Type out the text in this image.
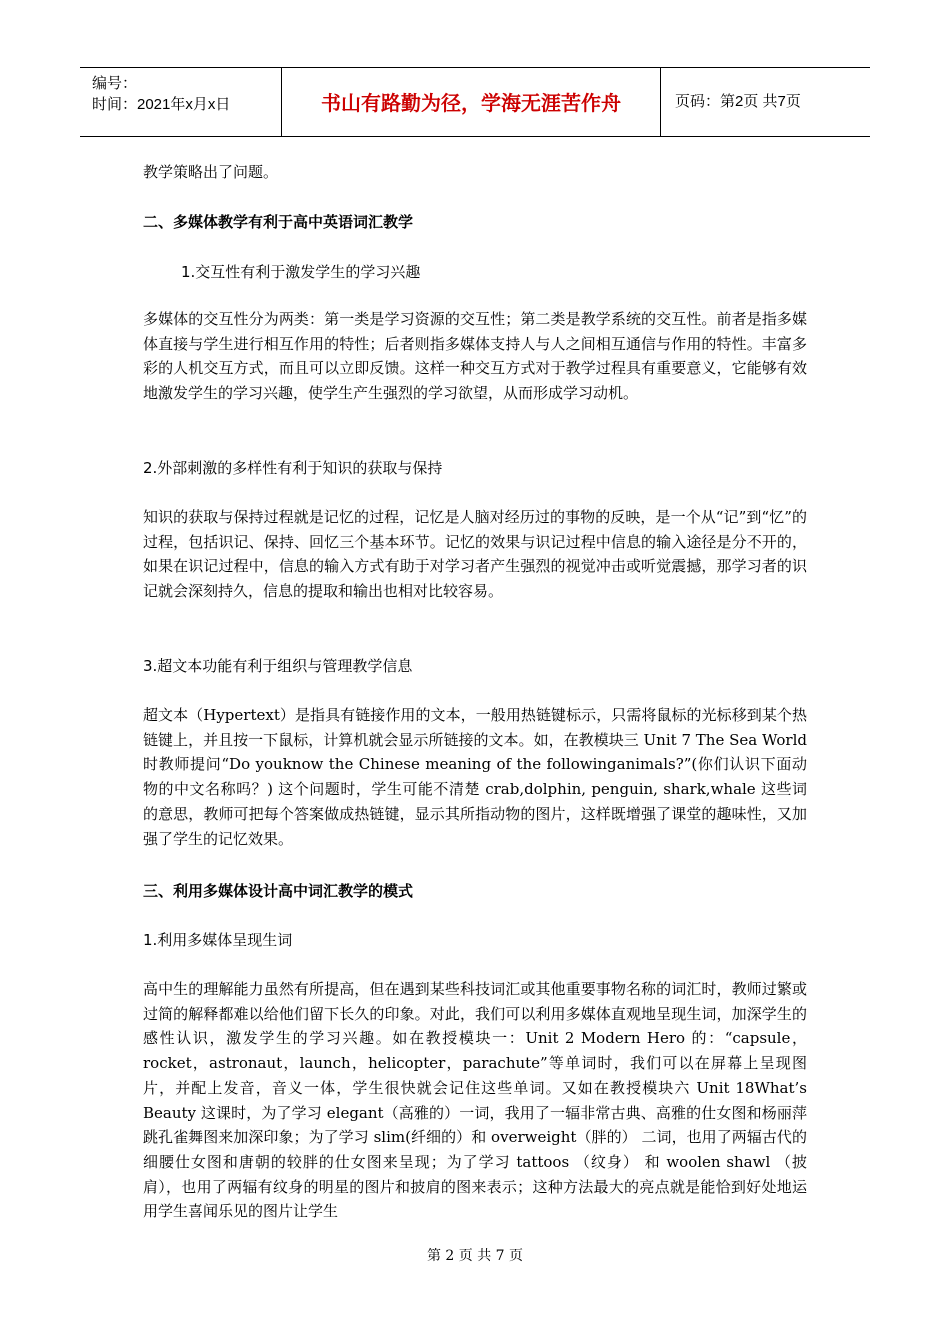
编号：
时间：2021年x月x日	书山有路勤为径，学海无涯苦作舟	页码：第2页 共7页
教学策略出了问题。
二、多媒体教学有利于高中英语词汇教学
1.交互性有利于激发学生的学习兴趣
多媒体的交互性分为两类：第一类是学习资源的交互性；第二类是教学系统的交互性。前者是指多媒体直接与学生进行相互作用的特性；后者则指多媒体支持人与人之间相互通信与作用的特性。丰富多彩的人机交互方式，而且可以立即反馈。这样一种交互方式对于教学过程具有重要意义，它能够有效地激发学生的学习兴趣，使学生产生强烈的学习欲望，从而形成学习动机。
2.外部刺激的多样性有利于知识的获取与保持
知识的获取与保持过程就是记忆的过程，记忆是人脑对经历过的事物的反映，是一个从“记”到“忆”的过程，包括识记、保持、回忆三个基本环节。记忆的效果与识记过程中信息的输入途径是分不开的，如果在识记过程中，信息的输入方式有助于对学习者产生强烈的视觉冲击或听觉震撼，那学习者的识记就会深刻持久，信息的提取和输出也相对比较容易。
3.超文本功能有利于组织与管理教学信息
超文本（Hypertext）是指具有链接作用的文本，一般用热链键标示，只需将鼠标的光标移到某个热链键上，并且按一下鼠标，计算机就会显示所链接的文本。如，在教模块三 Unit 7 The Sea World 时教师提问“Do youknow the Chinese meaning of the followinganimals?”(你们认识下面动物的中文名称吗？) 这个问题时，学生可能不清楚 crab,dolphin, penguin, shark,whale 这些词的意思，教师可把每个答案做成热链键，显示其所指动物的图片，这样既增强了课堂的趣味性，又加强了学生的记忆效果。
三、利用多媒体设计高中词汇教学的模式
1.利用多媒体呈现生词
高中生的理解能力虽然有所提高，但在遇到某些科技词汇或其他重要事物名称的词汇时，教师过繁或过简的解释都难以给他们留下长久的印象。对此，我们可以利用多媒体直观地呈现生词，加深学生的感性认识，激发学生的学习兴趣。如在教授模块一：Unit 2 Modern Hero 的：“capsule，rocket，astronaut，launch，helicopter，parachute”等单词时，我们可以在屏幕上呈现图片，并配上发音，音义一体，学生很快就会记住这些单词。又如在教授模块六 Unit 18What’s Beauty 这课时，为了学习 elegant（高雅的）一词，我用了一辐非常古典、高雅的仕女图和杨丽萍跳孔雀舞图来加深印象；为了学习 slim(纤细的）和 overweight（胖的） 二词，也用了两辐古代的细腰仕女图和唐朝的较胖的仕女图来呈现；为了学习 tattoos （纹身） 和 woolen shawl （披肩），也用了两辐有纹身的明星的图片和披肩的图来表示；这种方法最大的亮点就是能恰到好处地运用学生喜闻乐见的图片让学生
第 2 页 共 7 页
